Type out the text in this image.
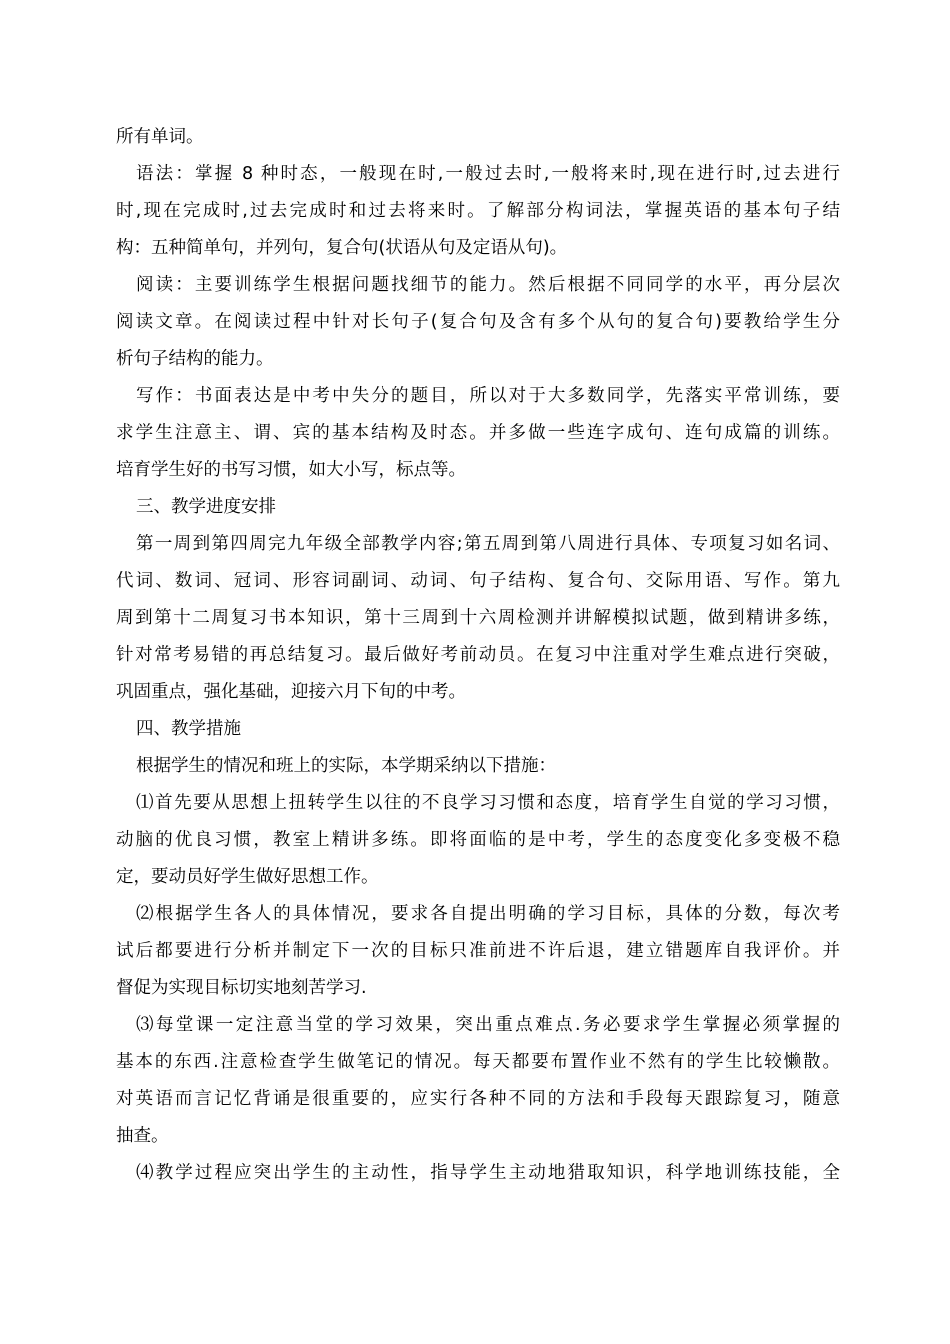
所有单词。
语法：掌握 8 种时态，一般现在时,一般过去时,一般将来时,现在进行时,过去进行
时,现在完成时,过去完成时和过去将来时。了解部分构词法，掌握英语的基本句子结
构：五种简单句，并列句，复合句(状语从句及定语从句)。
阅读：主要训练学生根据问题找细节的能力。然后根据不同同学的水平，再分层次
阅读文章。在阅读过程中针对长句子(复合句及含有多个从句的复合句)要教给学生分
析句子结构的能力。
写作：书面表达是中考中失分的题目，所以对于大多数同学，先落实平常训练，要
求学生注意主、谓、宾的基本结构及时态。并多做一些连字成句、连句成篇的训练。
培育学生好的书写习惯，如大小写，标点等。
三、教学进度安排
第一周到第四周完九年级全部教学内容;第五周到第八周进行具体、专项复习如名词、
代词、数词、冠词、形容词副词、动词、句子结构、复合句、交际用语、写作。第九
周到第十二周复习书本知识，第十三周到十六周检测并讲解模拟试题，做到精讲多练，
针对常考易错的再总结复习。最后做好考前动员。在复习中注重对学生难点进行突破，
巩固重点，强化基础，迎接六月下旬的中考。
四、教学措施
根据学生的情况和班上的实际，本学期采纳以下措施：
⑴首先要从思想上扭转学生以往的不良学习习惯和态度，培育学生自觉的学习习惯，
动脑的优良习惯，教室上精讲多练。即将面临的是中考，学生的态度变化多变极不稳
定，要动员好学生做好思想工作。
⑵根据学生各人的具体情况，要求各自提出明确的学习目标，具体的分数，每次考
试后都要进行分析并制定下一次的目标只准前进不许后退，建立错题库自我评价。并
督促为实现目标切实地刻苦学习.
⑶每堂课一定注意当堂的学习效果，突出重点难点.务必要求学生掌握必须掌握的
基本的东西.注意检查学生做笔记的情况。每天都要布置作业不然有的学生比较懒散。
对英语而言记忆背诵是很重要的，应实行各种不同的方法和手段每天跟踪复习，随意
抽查。
⑷教学过程应突出学生的主动性，指导学生主动地猎取知识，科学地训练技能，全
